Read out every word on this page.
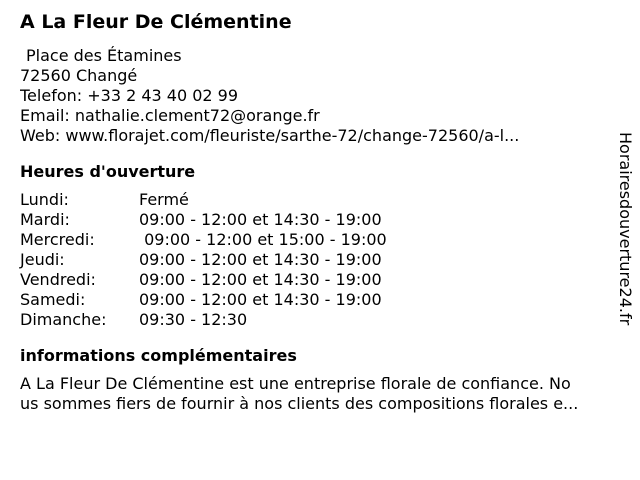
A La Fleur De Clémentine
Place des Étamines
72560 Changé
Telefon: +33 2 43 40 02 99
Email: nathalie.clement72@orange.fr
Web: www.florajet.com/fleuriste/sarthe-72/change-72560/a-l...
Heures d'ouverture
Lundi:	Fermé
Mardi:	09:00 - 12:00 et 14:30 - 19:00
Mercredi:	09:00 - 12:00 et 15:00 - 19:00
Jeudi:	09:00 - 12:00 et 14:30 - 19:00
Vendredi:	09:00 - 12:00 et 14:30 - 19:00
Samedi:	09:00 - 12:00 et 14:30 - 19:00
Dimanche:	09:30 - 12:30
informations complémentaires
A La Fleur De Clémentine est une entreprise florale de confiance. No
us sommes fiers de fournir à nos clients des compositions florales e...
Horairesdouverture24.fr
